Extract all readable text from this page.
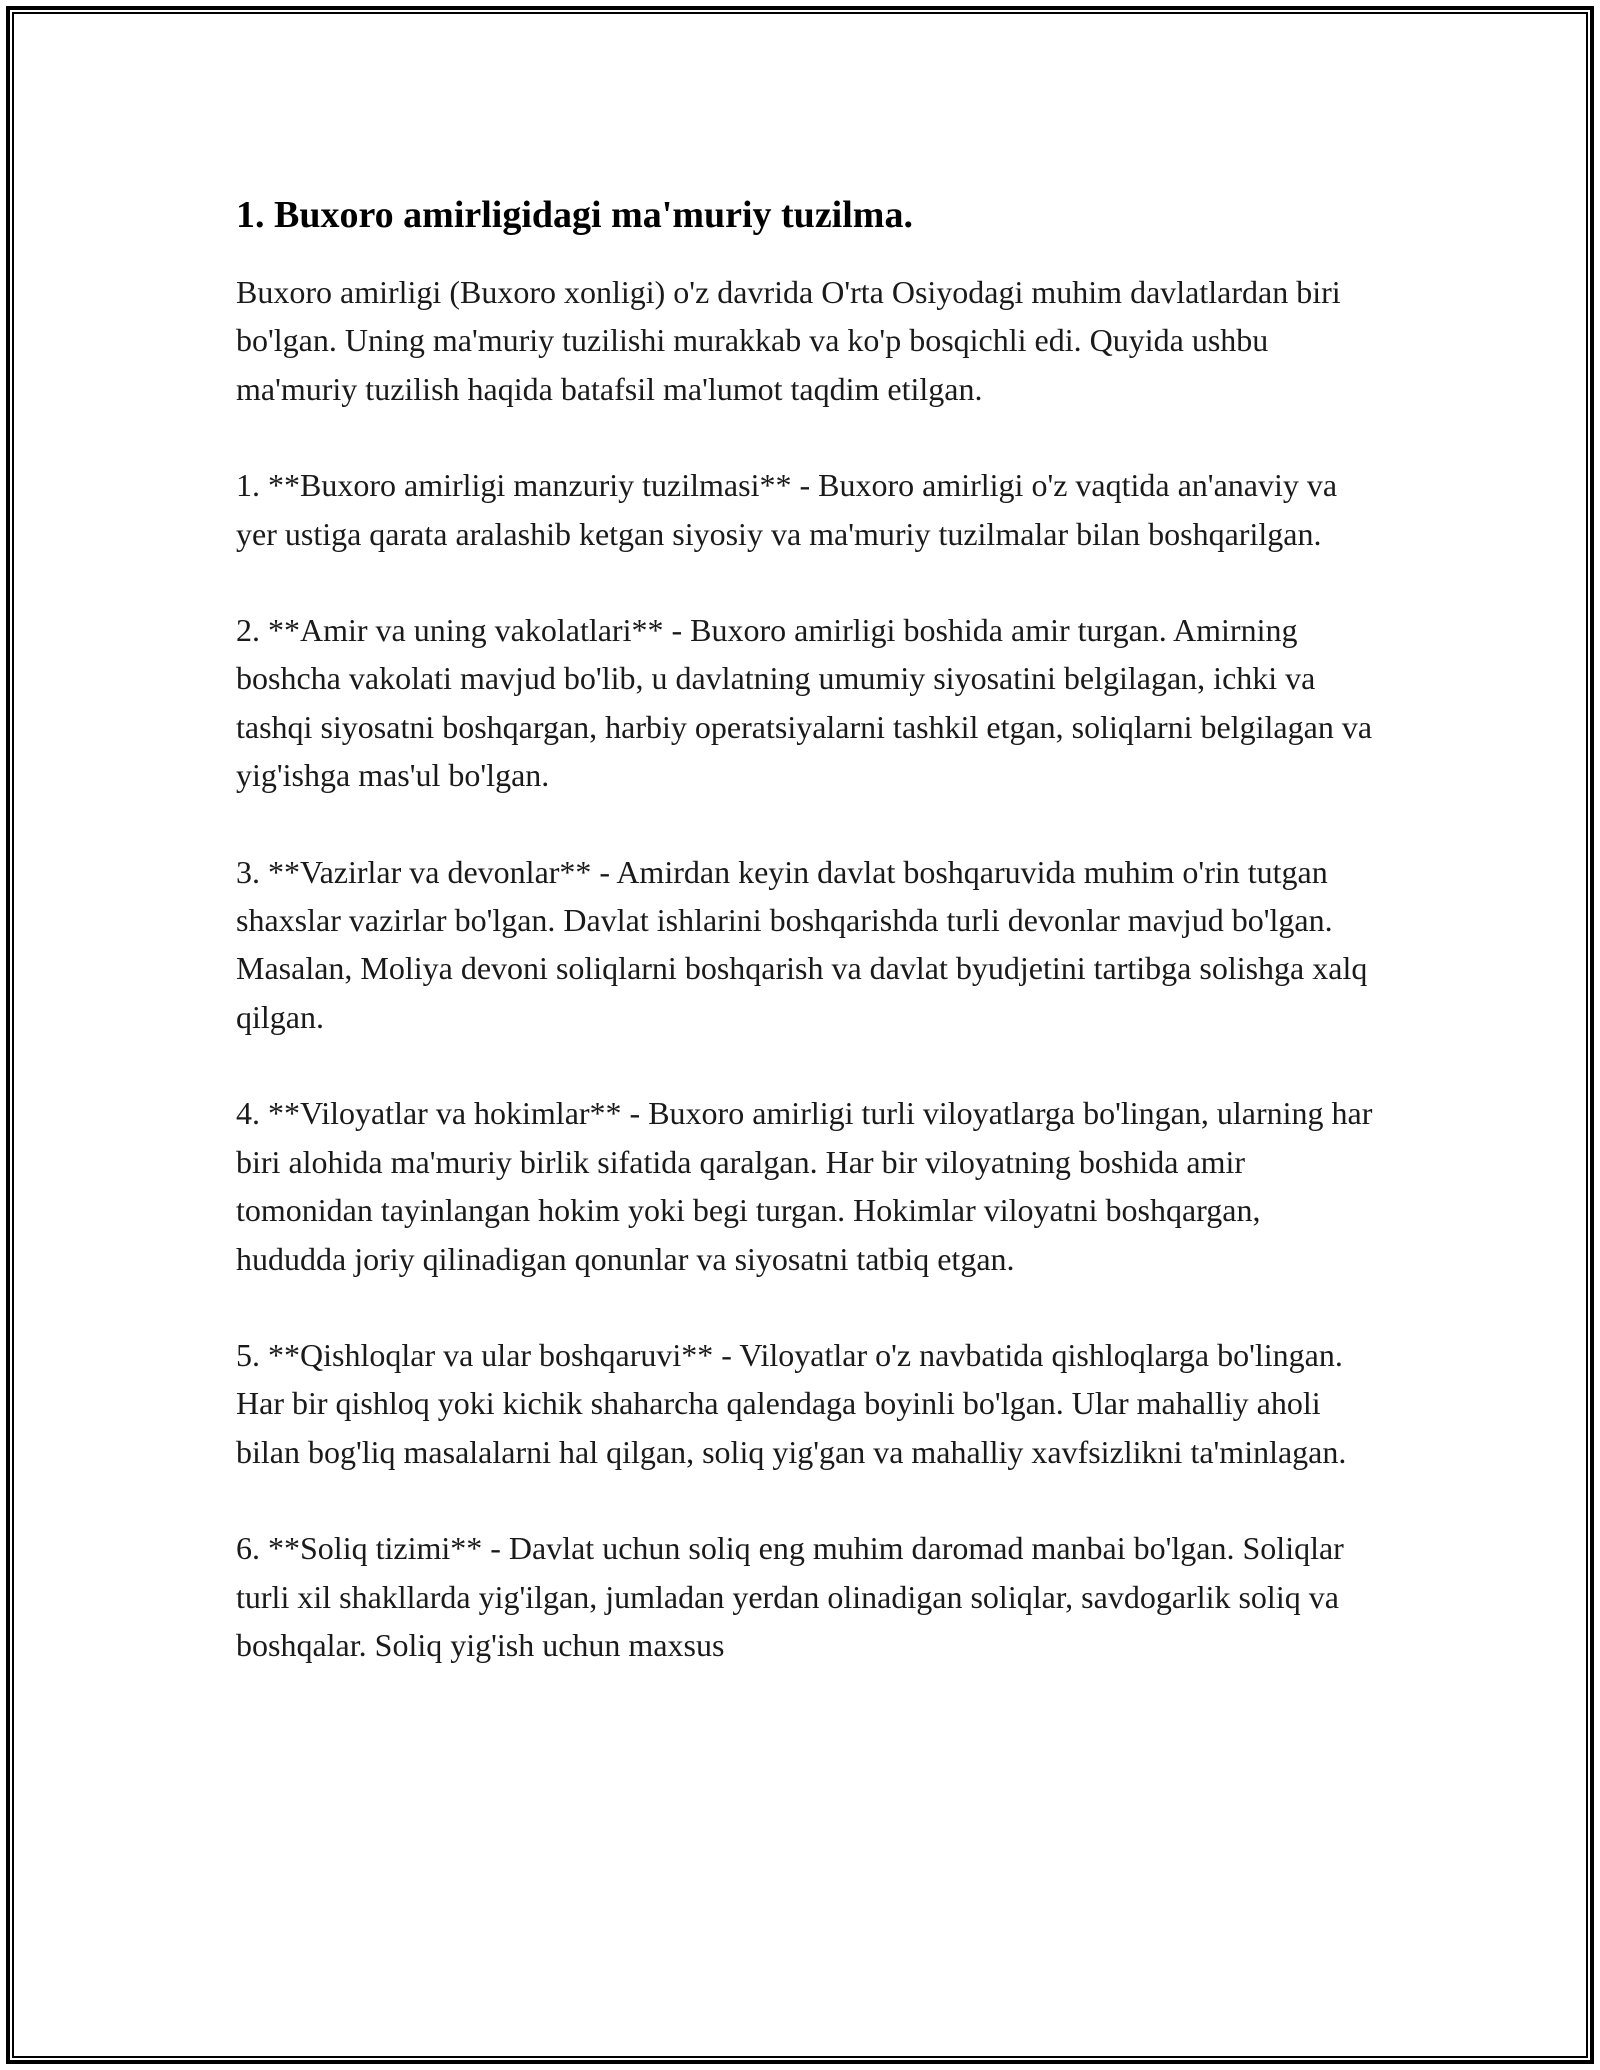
1. Buxoro amirligidagi ma'muriy tuzilma.

Buxoro amirligi (Buxoro xonligi) o'z davrida O'rta Osiyodagi muhim davlatlardan biri bo'lgan. Uning ma'muriy tuzilishi murakkab va ko'p bosqichli edi. Quyida ushbu ma'muriy tuzilish haqida batafsil ma'lumot taqdim etilgan.

1. **Buxoro amirligi manzuriy tuzilmasi** - Buxoro amirligi o'z vaqtida an'anaviy va yer ustiga qarata aralashib ketgan siyosiy va ma'muriy tuzilmalar bilan boshqarilgan.

2. **Amir va uning vakolatlari** - Buxoro amirligi boshida amir turgan. Amirning boshcha vakolati mavjud bo'lib, u davlatning umumiy siyosatini belgilagan, ichki va tashqi siyosatni boshqargan, harbiy operatsiyalarni tashkil etgan, soliqlarni belgilagan va yig'ishga mas'ul bo'lgan.

3. **Vazirlar va devonlar** - Amirdan keyin davlat boshqaruvida muhim o'rin tutgan shaxslar vazirlar bo'lgan. Davlat ishlarini boshqarishda turli devonlar mavjud bo'lgan. Masalan, Moliya devoni soliqlarni boshqarish va davlat byudjetini tartibga solishga xalq qilgan.

4. **Viloyatlar va hokimlar** - Buxoro amirligi turli viloyatlarga bo'lingan, ularning har biri alohida ma'muriy birlik sifatida qaralgan. Har bir viloyatning boshida amir tomonidan tayinlangan hokim yoki begi turgan. Hokimlar viloyatni boshqargan, hududda joriy qilinadigan qonunlar va siyosatni tatbiq etgan.

5. **Qishloqlar va ular boshqaruvi** - Viloyatlar o'z navbatida qishloqlarga bo'lingan. Har bir qishloq yoki kichik shaharcha qalendaga boyinli bo'lgan. Ular mahalliy aholi bilan bog'liq masalalarni hal qilgan, soliq yig'gan va mahalliy xavfsizlikni ta'minlagan.

6. **Soliq tizimi** - Davlat uchun soliq eng muhim daromad manbai bo'lgan. Soliqlar turli xil shakllarda yig'ilgan, jumladan yerdan olinadigan soliqlar, savdogarlik soliq va boshqalar. Soliq yig'ish uchun maxsus
